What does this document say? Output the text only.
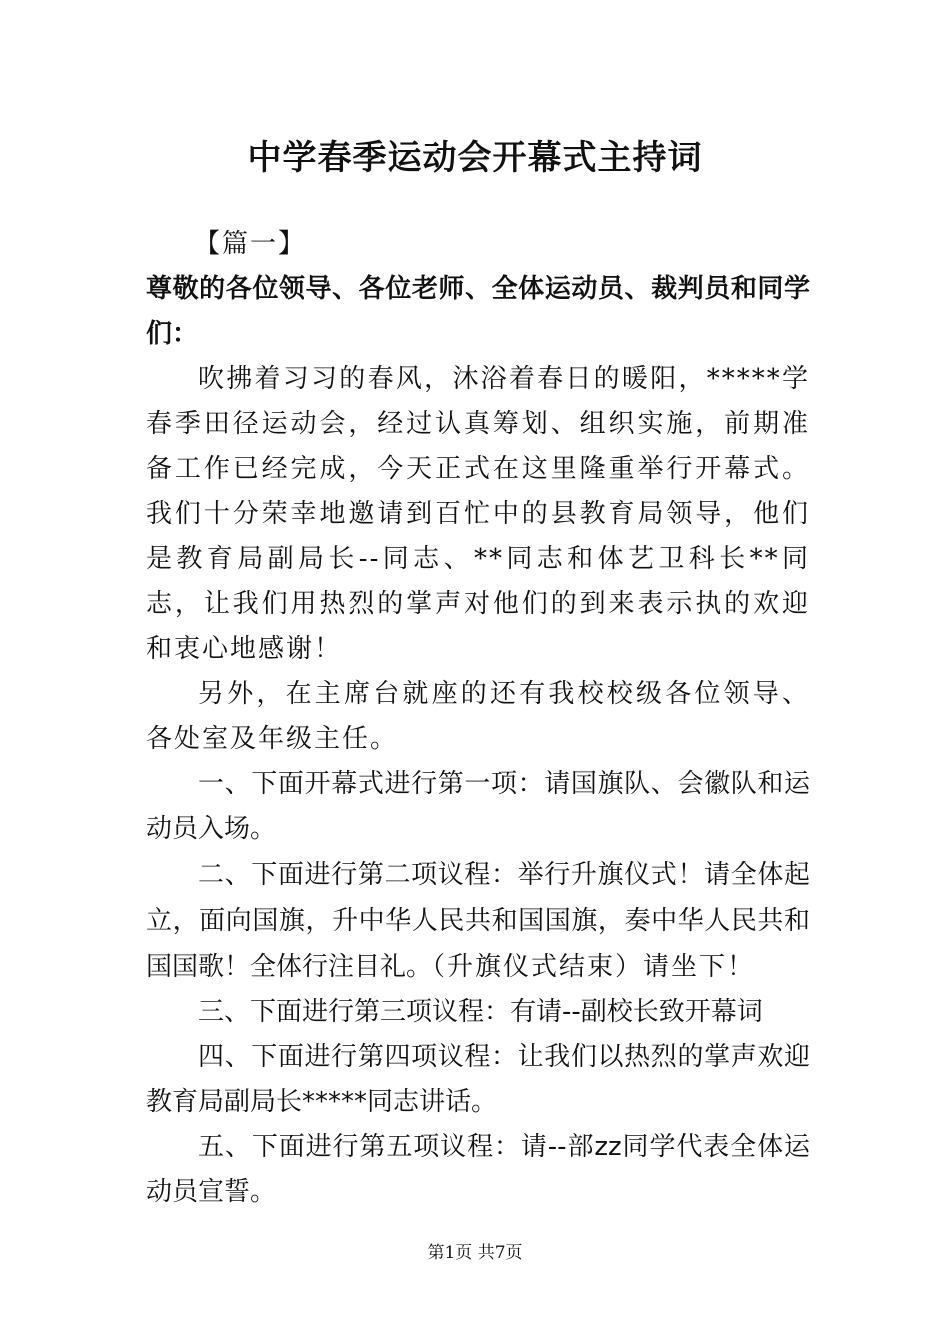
中学春季运动会开幕式主持词

【篇一】

尊敬的各位领导、各位老师、全体运动员、裁判员和同学们：

吹拂着习习的春风，沐浴着春日的暖阳，*****学春季田径运动会，经过认真筹划、组织实施，前期准备工作已经完成，今天正式在这里隆重举行开幕式。我们十分荣幸地邀请到百忙中的县教育局领导，他们是教育局副局长--同志、**同志和体艺卫科长**同志，让我们用热烈的掌声对他们的到来表示执的欢迎和衷心地感谢！

另外，在主席台就座的还有我校校级各位领导、各处室及年级主任。

一、下面开幕式进行第一项：请国旗队、会徽队和运动员入场。

二、下面进行第二项议程：举行升旗仪式！请全体起立，面向国旗，升中华人民共和国国旗，奏中华人民共和国国歌！全体行注目礼。（升旗仪式结束）请坐下！

三、下面进行第三项议程：有请--副校长致开幕词

四、下面进行第四项议程：让我们以热烈的掌声欢迎教育局副局长*****同志讲话。

五、下面进行第五项议程：请--部zz同学代表全体运动员宣誓。

第1页 共7页
